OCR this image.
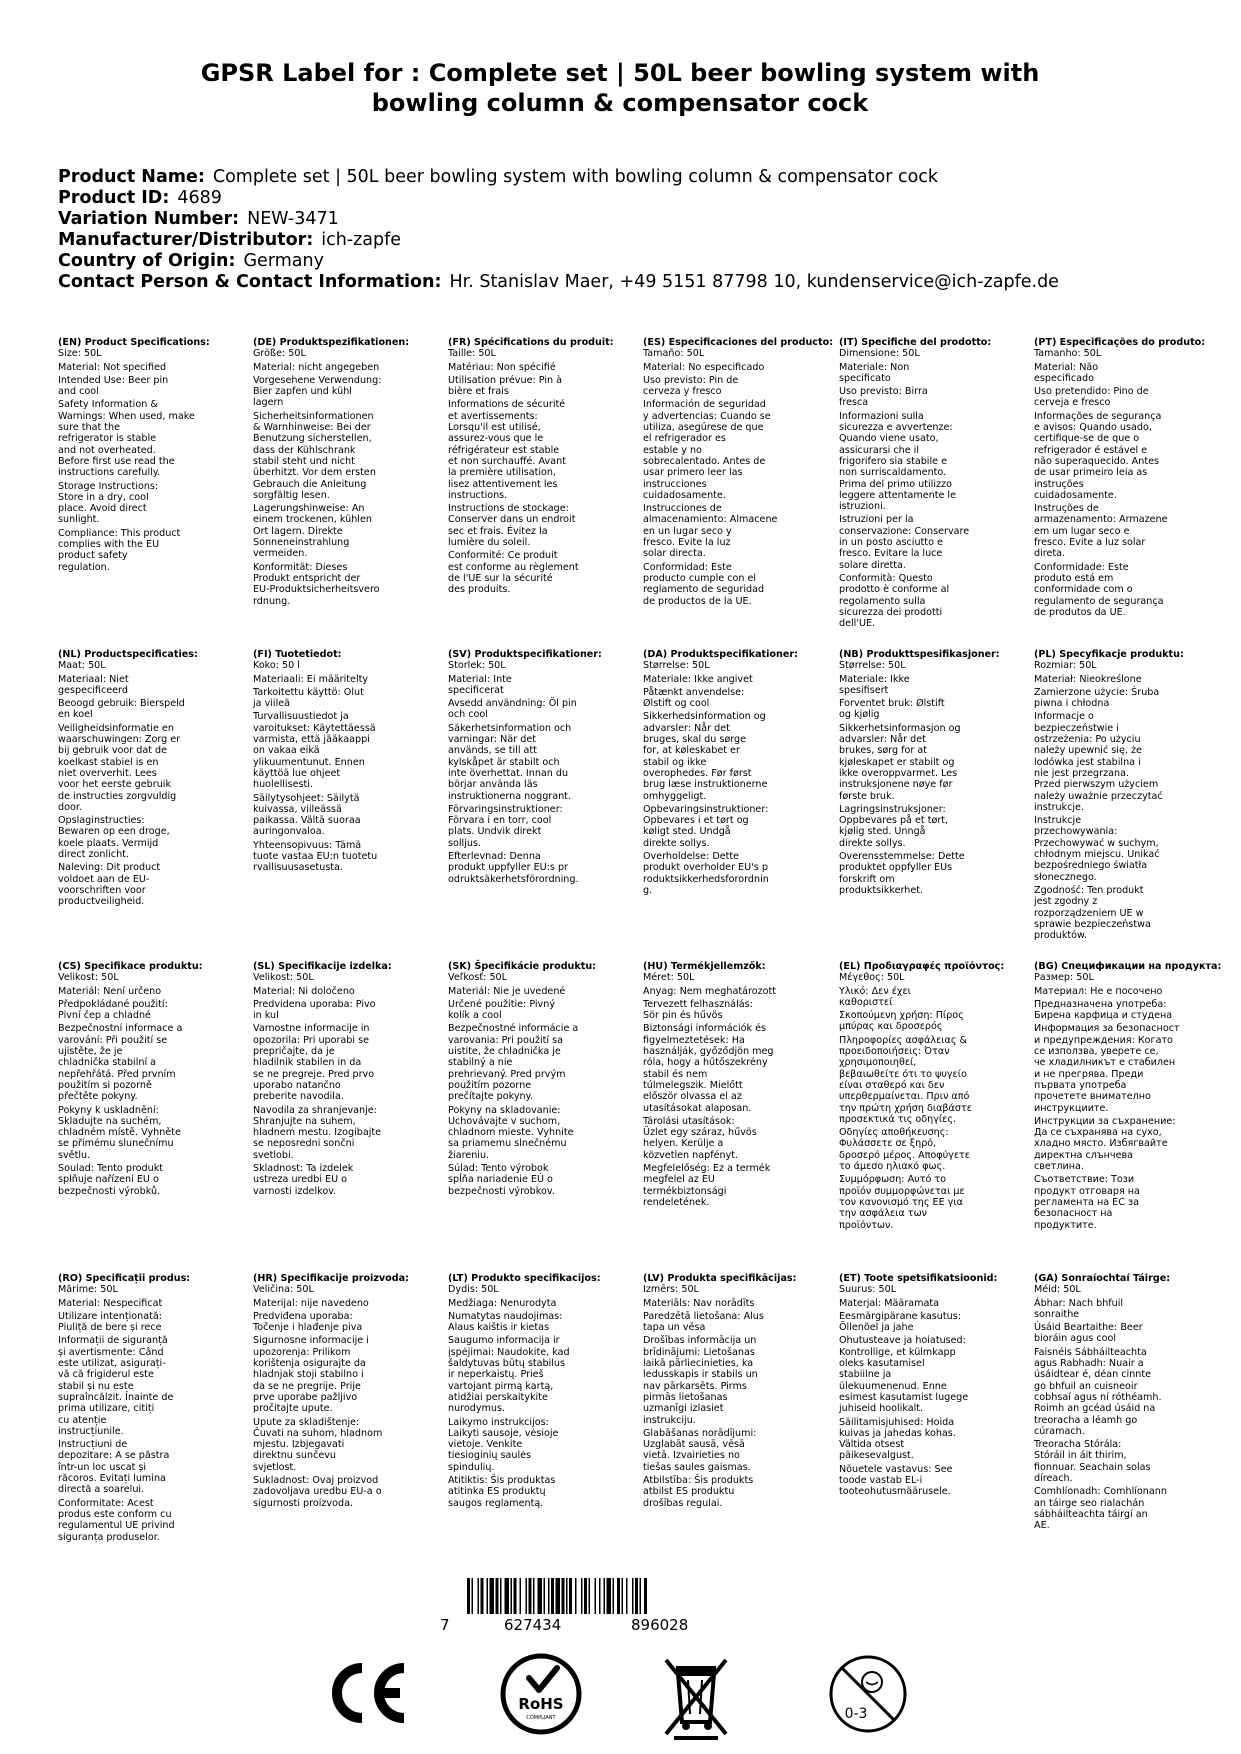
GPSR Label for : Complete set | 50L beer bowling system with
bowling column & compensator cock
Product Name: Complete set | 50L beer bowling system with bowling column & compensator cock
Product ID: 4689
Variation Number: NEW-3471
Manufacturer/Distributor: ich-zapfe
Country of Origin: Germany
Contact Person & Contact Information: Hr. Stanislav Maer, +49 5151 87798 10, kundenservice@ich-zapfe.de
(EN) Product Specifications:
Size: 50L
Material: Not specified
Intended Use: Beer pin
and cool
Safety Information &
Warnings: When used, make
sure that the
refrigerator is stable
and not overheated.
Before first use read the
instructions carefully.
Storage Instructions:
Store in a dry, cool
place. Avoid direct
sunlight.
Compliance: This product
complies with the EU
product safety
regulation.
(DE) Produktspezifikationen:
Größe: 50L
Material: nicht angegeben
Vorgesehene Verwendung:
Bier zapfen und kühl
lagern
Sicherheitsinformationen
& Warnhinweise: Bei der
Benutzung sicherstellen,
dass der Kühlschrank
stabil steht und nicht
überhitzt. Vor dem ersten
Gebrauch die Anleitung
sorgfältig lesen.
Lagerungshinweise: An
einem trockenen, kühlen
Ort lagern. Direkte
Sonneneinstrahlung
vermeiden.
Konformität: Dieses
Produkt entspricht der
EU-Produktsicherheitsvero
rdnung.
(FR) Spécifications du produit:
Taille: 50L
Matériau: Non spécifié
Utilisation prévue: Pin à
bière et frais
Informations de sécurité
et avertissements:
Lorsqu'il est utilisé,
assurez-vous que le
réfrigérateur est stable
et non surchauffé. Avant
la première utilisation,
lisez attentivement les
instructions.
Instructions de stockage:
Conserver dans un endroit
sec et frais. Évitez la
lumière du soleil.
Conformité: Ce produit
est conforme au règlement
de l'UE sur la sécurité
des produits.
(ES) Especificaciones del producto:
Tamaño: 50L
Material: No especificado
Uso previsto: Pin de
cerveza y fresco
Información de seguridad
y advertencias: Cuando se
utiliza, asegúrese de que
el refrigerador es
estable y no
sobrecalentado. Antes de
usar primero leer las
instrucciones
cuidadosamente.
Instrucciones de
almacenamiento: Almacene
en un lugar seco y
fresco. Evite la luz
solar directa.
Conformidad: Este
producto cumple con el
reglamento de seguridad
de productos de la UE.
(IT) Specifiche del prodotto:
Dimensione: 50L
Materiale: Non
specificato
Uso previsto: Birra
fresca
Informazioni sulla
sicurezza e avvertenze:
Quando viene usato,
assicurarsi che il
frigorifero sia stabile e
non surriscaldamento.
Prima del primo utilizzo
leggere attentamente le
istruzioni.
Istruzioni per la
conservazione: Conservare
in un posto asciutto e
fresco. Evitare la luce
solare diretta.
Conformità: Questo
prodotto è conforme al
regolamento sulla
sicurezza dei prodotti
dell'UE.
(PT) Especificações do produto:
Tamanho: 50L
Material: Não
especificado
Uso pretendido: Pino de
cerveja e fresco
Informações de segurança
e avisos: Quando usado,
certifique-se de que o
refrigerador é estável e
não superaquecido. Antes
de usar primeiro leia as
instruções
cuidadosamente.
Instruções de
armazenamento: Armazene
em um lugar seco e
fresco. Evite a luz solar
direta.
Conformidade: Este
produto está em
conformidade com o
regulamento de segurança
de produtos da UE.
(NL) Productspecificaties:
Maat: 50L
Materiaal: Niet
gespecificeerd
Beoogd gebruik: Bierspeld
en koel
Veiligheidsinformatie en
waarschuwingen: Zorg er
bij gebruik voor dat de
koelkast stabiel is en
niet oververhit. Lees
voor het eerste gebruik
de instructies zorgvuldig
door.
Opslaginstructies:
Bewaren op een droge,
koele plaats. Vermijd
direct zonlicht.
Naleving: Dit product
voldoet aan de EU-
voorschriften voor
productveiligheid.
(FI) Tuotetiedot:
Koko: 50 l
Materiaali: Ei määritelty
Tarkoitettu käyttö: Olut
ja viileä
Turvallisuustiedot ja
varoitukset: Käytettäessä
varmista, että jääkaappi
on vakaa eikä
ylikuumentunut. Ennen
käyttöä lue ohjeet
huolellisesti.
Säilytysohjeet: Säilytä
kuivassa, viileässä
paikassa. Vältä suoraa
auringonvaloa.
Yhteensopivuus: Tämä
tuote vastaa EU:n tuotetu
rvallisuusasetusta.
(SV) Produktspecifikationer:
Storlek: 50L
Material: Inte
specificerat
Avsedd användning: Öl pin
och cool
Säkerhetsinformation och
varningar: När det
används, se till att
kylskåpet är stabilt och
inte överhettat. Innan du
börjar använda läs
instruktionerna noggrant.
Förvaringsinstruktioner:
Förvara i en torr, cool
plats. Undvik direkt
solljus.
Efterlevnad: Denna
produkt uppfyller EU:s pr
odruktsäkerhetsförordning.
(DA) Produktspecifikationer:
Størrelse: 50L
Materiale: Ikke angivet
Påtænkt anvendelse:
Ølstift og cool
Sikkerhedsinformation og
advarsler: Når det
bruges, skal du sørge
for, at køleskabet er
stabil og ikke
overophedes. Før først
brug læse instruktionerne
omhyggeligt.
Opbevaringsinstruktioner:
Opbevares i et tørt og
køligt sted. Undgå
direkte sollys.
Overholdelse: Dette
produkt overholder EU's p
roduktsikkerhedsforordnin
g.
(NB) Produkttspesifikasjoner:
Størrelse: 50L
Materiale: Ikke
spesifisert
Forventet bruk: Ølstift
og kjølig
Sikkerhetsinformasjon og
advarsler: Når det
brukes, sørg for at
kjøleskapet er stabilt og
ikke overoppvarmet. Les
instruksjonene nøye før
første bruk.
Lagringsinstruksjoner:
Oppbevares på et tørt,
kjølig sted. Unngå
direkte sollys.
Overensstemmelse: Dette
produktet oppfyller EUs
forskrift om
produktsikkerhet.
(PL) Specyfikacje produktu:
Rozmiar: 50L
Materiał: Nieokreślone
Zamierzone użycie: Śruba
piwna i chłodna
Informacje o
bezpieczeństwie i
ostrzeżenia: Po użyciu
należy upewnić się, że
lodówka jest stabilna i
nie jest przegrzana.
Przed pierwszym użyciem
należy uważnie przeczytać
instrukcje.
Instrukcje
przechowywania:
Przechowywać w suchym,
chłodnym miejscu. Unikać
bezpośredniego światła
słonecznego.
Zgodność: Ten produkt
jest zgodny z
rozporządzeniem UE w
sprawie bezpieczeństwa
produktów.
(CS) Specifikace produktu:
Velikost: 50L
Materiál: Není určeno
Předpokládané použití:
Pivní čep a chladné
Bezpečnostní informace a
varování: Při použití se
ujistěte, že je
chladnička stabilní a
nepřehřátá. Před prvním
použitím si pozorně
přečtěte pokyny.
Pokyny k uskladnění:
Skladujte na suchém,
chladném místě. Vyhněte
se přímému slunečnímu
světlu.
Soulad: Tento produkt
splňuje nařízení EU o
bezpečnosti výrobků.
(SL) Specifikacije izdelka:
Velikost: 50L
Material: Ni določeno
Predvidena uporaba: Pivo
in kul
Varnostne informacije in
opozorila: Pri uporabi se
prepričajte, da je
hladilnik stabilen in da
se ne pregreje. Pred prvo
uporabo natančno
preberite navodila.
Navodila za shranjevanje:
Shranjujte na suhem,
hladnem mestu. Izogibajte
se neposredni sončni
svetlobi.
Skladnost: Ta izdelek
ustreza uredbi EU o
varnosti izdelkov.
(SK) Špecifikácie produktu:
Veľkosť: 50L
Materiál: Nie je uvedené
Určené použitie: Pivný
kolík a cool
Bezpečnostné informácie a
varovania: Pri použití sa
uistite, že chladnička je
stabilný a nie
prehrievaný. Pred prvým
použitím pozorne
prečítajte pokyny.
Pokyny na skladovanie:
Uchovávajte v suchom,
chladnom mieste. Vyhnite
sa priamemu slnečnému
žiareniu.
Súlad: Tento výrobok
spĺňa nariadenie EÚ o
bezpečnosti výrobkov.
(HU) Termékjellemzők:
Méret: 50L
Anyag: Nem meghatározott
Tervezett felhasználás:
Sör pin és hűvös
Biztonsági információk és
figyelmeztetések: Ha
használják, győződjön meg
róla, hogy a hűtőszekrény
stabil és nem
túlmelegszik. Mielőtt
először olvassa el az
utasításokat alaposan.
Tárolási utasítások:
Üzlet egy száraz, hűvös
helyen. Kerülje a
közvetlen napfényt.
Megfelelőség: Ez a termék
megfelel az EU
termékbiztonsági
rendeletének.
(EL) Προδιαγραφές προϊόντος:
Μέγεθος: 50L
Υλικό: Δεν έχει
καθοριστεί
Σκοπούμενη χρήση: Πίρος
μπύρας και δροσερός
Πληροφορίες ασφάλειας &
προειδοποιήσεις: Όταν
χρησιμοποιηθεί,
βεβαιωθείτε ότι το ψυγείο
είναι σταθερό και δεν
υπερθερμαίνεται. Πριν από
την πρώτη χρήση διαβάστε
προσεκτικά τις οδηγίες.
Οδηγίες αποθήκευσης:
Φυλάσσετε σε ξηρό,
δροσερό μέρος. Αποφύγετε
το άμεσο ηλιακό φως.
Συμμόρφωση: Αυτό το
προϊόν συμμορφώνεται με
τον κανονισμό της ΕΕ για
την ασφάλεια των
προϊόντων.
(BG) Спецификации на продукта:
Размер: 50L
Материал: Не е посочено
Предназначена употреба:
Бирена карфица и студена
Информация за безопасност
и предупреждения: Когато
се използва, уверете се,
че хладилникът е стабилен
и не прегрява. Преди
първата употреба
прочетете внимателно
инструкциите.
Инструкции за съхранение:
Да се съхранява на сухо,
хладно място. Избягвайте
директна слънчева
светлина.
Съответствие: Този
продукт отговаря на
регламента на ЕС за
безопасност на
продуктите.
(RO) Specificații produs:
Mărime: 50L
Material: Nespecificat
Utilizare intenționată:
Piuliță de bere și rece
Informații de siguranță
și avertismente: Când
este utilizat, asigurați-
vă că frigiderul este
stabil și nu este
supraîncălzit. Înainte de
prima utilizare, citiți
cu atenție
instrucțiunile.
Instrucțiuni de
depozitare: A se păstra
într-un loc uscat și
răcoros. Evitați lumina
directă a soarelui.
Conformitate: Acest
produs este conform cu
regulamentul UE privind
siguranța produselor.
(HR) Specifikacije proizvoda:
Veličina: 50L
Materijal: nije navedeno
Predviđena uporaba:
Točenje i hlađenje piva
Sigurnosne informacije i
upozorenja: Prilikom
korištenja osigurajte da
hladnjak stoji stabilno i
da se ne pregrije. Prije
prve uporabe pažljivo
pročitajte upute.
Upute za skladištenje:
Čuvati na suhom, hladnom
mjestu. Izbjegavati
direktnu sunčevu
svjetlost.
Sukladnost: Ovaj proizvod
zadovoljava uredbu EU-a o
sigurnosti proizvoda.
(LT) Produkto specifikacijos:
Dydis: 50L
Medžiaga: Nenurodyta
Numatytas naudojimas:
Alaus kaištis ir kietas
Saugumo informacija ir
įspėjimai: Naudokite, kad
šaldytuvas būtų stabilus
ir neperkaistų. Prieš
vartojant pirmą kartą,
atidžiai perskaitykite
nurodymus.
Laikymo instrukcijos:
Laikyti sausoje, vėsioje
vietoje. Venkite
tiesioginių saulės
spindulių.
Atitiktis: Šis produktas
atitinka ES produktų
saugos reglamentą.
(LV) Produkta specifikācijas:
Izmērs: 50L
Materiāls: Nav norādīts
Paredzētā lietošana: Alus
tapa un vēsa
Drošības informācija un
brīdinājumi: Lietošanas
laikā pārliecinieties, ka
ledusskapis ir stabils un
nav pārkarsēts. Pirms
pirmās lietošanas
uzmanīgi izlasiet
instrukciju.
Glabāšanas norādījumi:
Uzglabāt sausā, vēsā
vietā. Izvairieties no
tiešas saules gaismas.
Atbilstība: Šis produkts
atbilst ES produktu
drošības regulai.
(ET) Toote spetsifikatsioonid:
Suurus: 50L
Materjal: Määramata
Eesmärgipärane kasutus:
Õllenõel ja jahe
Ohutusteave ja hoiatused:
Kontrollige, et külmkapp
oleks kasutamisel
stabiilne ja
ülekuumenenud. Enne
esimest kasutamist lugege
juhiseid hoolikalt.
Säilitamisjuhised: Hoida
kuivas ja jahedas kohas.
Vältida otsest
päikesevalgust.
Nõuetele vastavus: See
toode vastab EL-i
tooteohutusmäärusele.
(GA) Sonraíochtaí Táirge:
Méid: 50L
Ábhar: Nach bhfuil
sonraithe
Úsáid Beartaithe: Beer
bioráin agus cool
Faisnéis Sábháilteachta
agus Rabhadh: Nuair a
úsáidtear é, déan cinnte
go bhfuil an cuisneoir
cobhsaí agus ní róthéamh.
Roimh an gcéad úsáid na
treoracha a léamh go
cúramach.
Treoracha Stórála:
Stóráil in áit thirim,
fionnuar. Seachain solas
díreach.
Comhlíonadh: Comhlíonann
an táirge seo rialachán
sábháilteachta táirgí an
AE.
7	627434	896028
RoHS
COMPLIANT	0-3
